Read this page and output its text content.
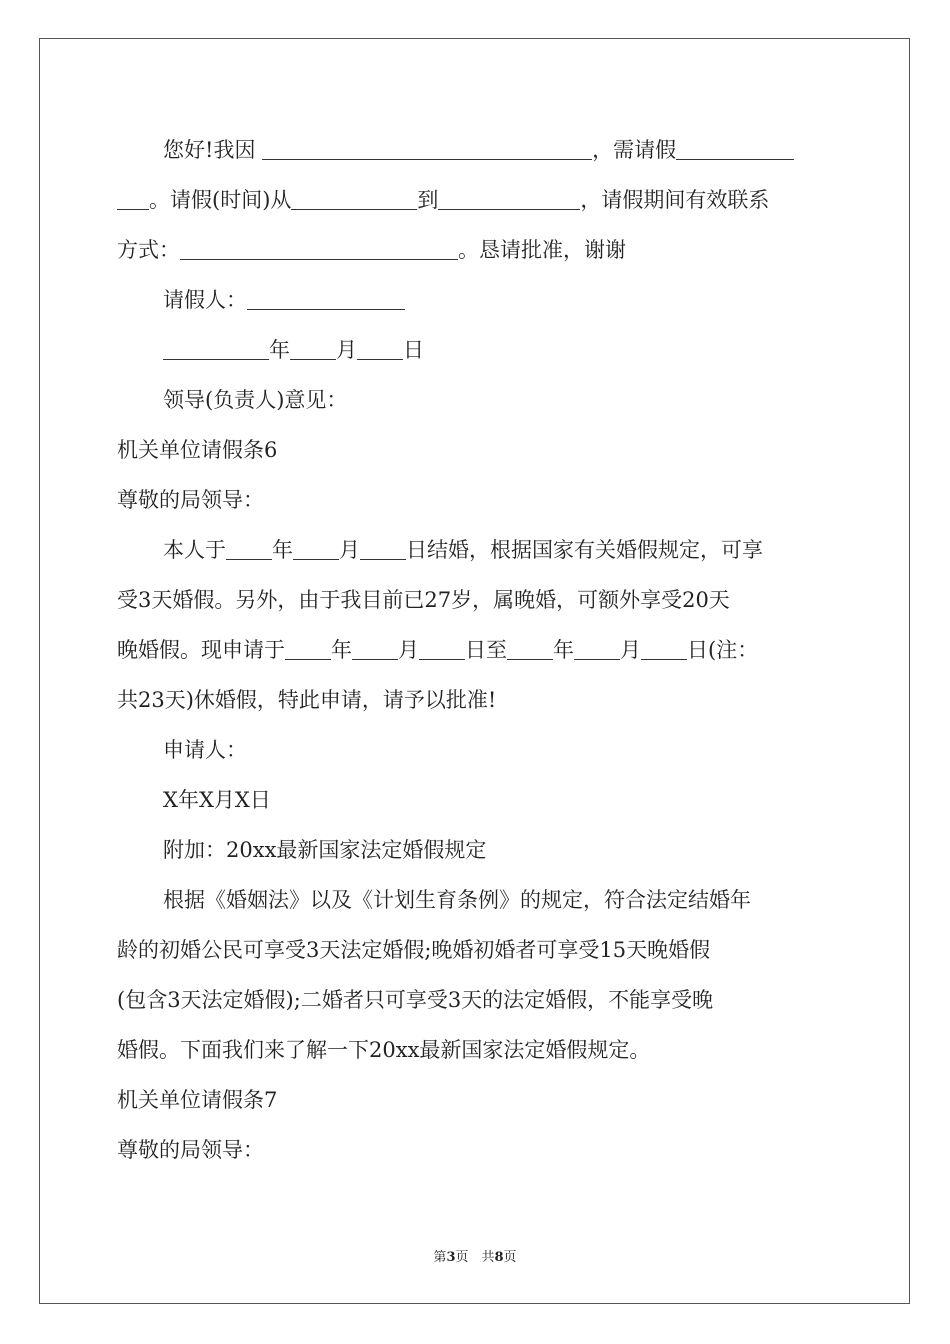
您好!我因	，需请假
。请假(时间)从	到	，请假期间有效联系
方式：	。恳请批准，谢谢
请假人：
年 月 日
领导(负责人)意见：
机关单位请假条6
尊敬的局领导：
本人于 年 月 日结婚，根据国家有关婚假规定，可享
受3天婚假。另外，由于我目前已27岁，属晚婚，可额外享受20天
晚婚假。现申请于 年 月 日至 年 月 日(注：
共23天)休婚假，特此申请，请予以批准!
申请人：
X年X月X日
附加：20xx最新国家法定婚假规定
根据《婚姻法》以及《计划生育条例》的规定，符合法定结婚年
龄的初婚公民可享受3天法定婚假;晚婚初婚者可享受15天晚婚假
(包含3天法定婚假);二婚者只可享受3天的法定婚假，不能享受晚
婚假。下面我们来了解一下20xx最新国家法定婚假规定。
机关单位请假条7
尊敬的局领导：
第3页　共8页
